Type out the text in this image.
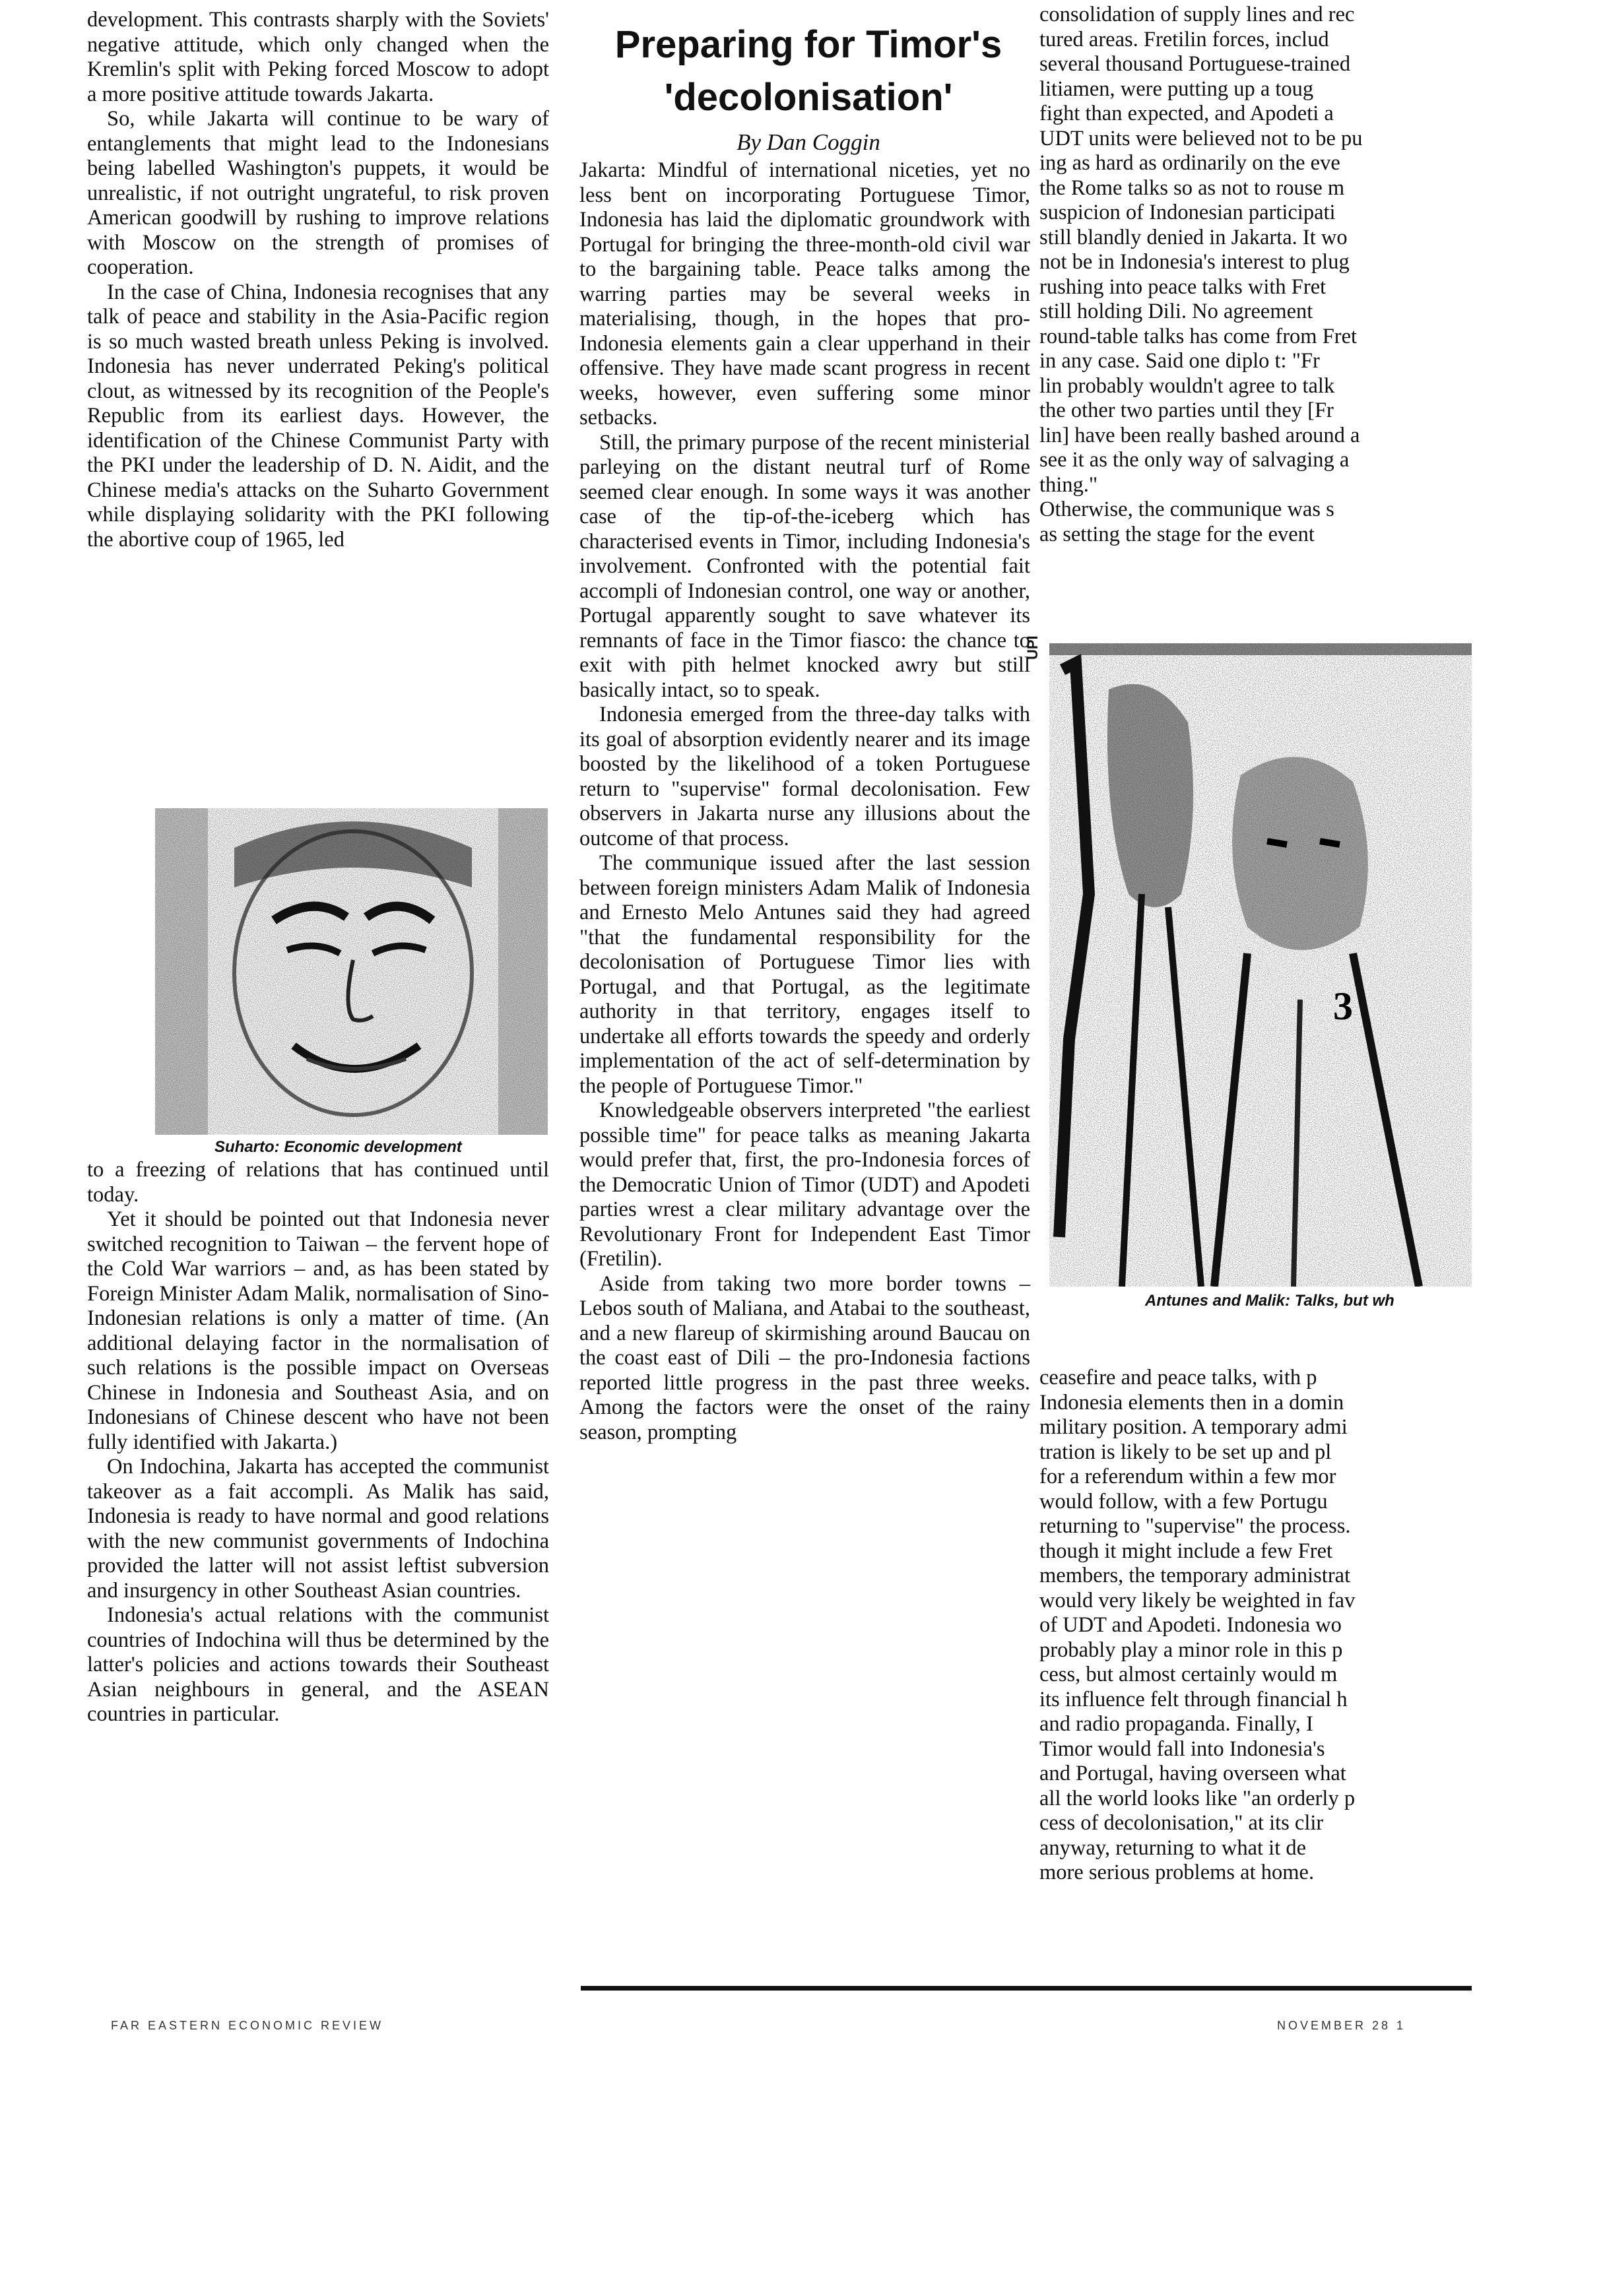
Preparing for Timor's
'decolonisation'
By Dan Coggin

development. This contrasts sharply with the Soviets' negative attitude, which only changed when the Kremlin's split with Peking forced Moscow to adopt a more positive attitude towards Jakarta.

So, while Jakarta will continue to be wary of entanglements that might lead to the Indonesians being labelled Washington's puppets, it would be unrealistic, if not outright ungrateful, to risk proven American goodwill by rushing to improve relations with Moscow on the strength of promises of cooperation.

In the case of China, Indonesia recognises that any talk of peace and stability in the Asia-Pacific region is so much wasted breath unless Peking is involved. Indonesia has never underrated Peking's political clout, as witnessed by its recognition of the People's Republic from its earliest days. However, the identification of the Chinese Communist Party with the PKI under the leadership of D. N. Aidit, and the Chinese media's attacks on the Suharto Government while displaying solidarity with the PKI following the abortive coup of 1965, led

Suharto: Economic development

to a freezing of relations that has continued until today.

Yet it should be pointed out that Indonesia never switched recognition to Taiwan – the fervent hope of the Cold War warriors – and, as has been stated by Foreign Minister Adam Malik, normalisation of Sino-Indonesian relations is only a matter of time. (An additional delaying factor in the normalisation of such relations is the possible impact on Overseas Chinese in Indonesia and Southeast Asia, and on Indonesians of Chinese descent who have not been fully identified with Jakarta.)

On Indochina, Jakarta has accepted the communist takeover as a fait accompli. As Malik has said, Indonesia is ready to have normal and good relations with the new communist governments of Indochina provided the latter will not assist leftist subversion and insurgency in other Southeast Asian countries.

Indonesia's actual relations with the communist countries of Indochina will thus be determined by the latter's policies and actions towards their Southeast Asian neighbours in general, and the ASEAN countries in particular.

Jakarta: Mindful of international niceties, yet no less bent on incorporating Portuguese Timor, Indonesia has laid the diplomatic groundwork with Portugal for bringing the three-month-old civil war to the bargaining table. Peace talks among the warring parties may be several weeks in materialising, though, in the hopes that pro-Indonesia elements gain a clear upperhand in their offensive. They have made scant progress in recent weeks, however, even suffering some minor setbacks.

Still, the primary purpose of the recent ministerial parleying on the distant neutral turf of Rome seemed clear enough. In some ways it was another case of the tip-of-the-iceberg which has characterised events in Timor, including Indonesia's involvement. Confronted with the potential fait accompli of Indonesian control, one way or another, Portugal apparently sought to save whatever its remnants of face in the Timor fiasco: the chance to exit with pith helmet knocked awry but still basically intact, so to speak.

Indonesia emerged from the three-day talks with its goal of absorption evidently nearer and its image boosted by the likelihood of a token Portuguese return to "supervise" formal decolonisation. Few observers in Jakarta nurse any illusions about the outcome of that process.

The communique issued after the last session between foreign ministers Adam Malik of Indonesia and Ernesto Melo Antunes said they had agreed "that the fundamental responsibility for the decolonisation of Portuguese Timor lies with Portugal, and that Portugal, as the legitimate authority in that territory, engages itself to undertake all efforts towards the speedy and orderly implementation of the act of self-determination by the people of Portuguese Timor."

Knowledgeable observers interpreted "the earliest possible time" for peace talks as meaning Jakarta would prefer that, first, the pro-Indonesia forces of the Democratic Union of Timor (UDT) and Apodeti parties wrest a clear military advantage over the Revolutionary Front for Independent East Timor (Fretilin).

Aside from taking two more border towns – Lebos south of Maliana, and Atabai to the southeast, and a new flareup of skirmishing around Baucau on the coast east of Dili – the pro-Indonesia factions reported little progress in the past three weeks. Among the factors were the onset of the rainy season, prompting

consolidation of supply lines and rec

tured areas. Fretilin forces, includ

several thousand Portuguese-trained

litiamen, were putting up a toug

fight than expected, and Apodeti a

UDT units were believed not to be pu

ing as hard as ordinarily on the eve

the Rome talks so as not to rouse m

suspicion of Indonesian participati

still blandly denied in Jakarta. It wo

not be in Indonesia's interest to plug

rushing into peace talks with Fret

still holding Dili. No agreement

round-table talks has come from Fret

in any case. Said one diplo t: "Fr

lin probably wouldn't agree to talk

the other two parties until they [Fr

lin] have been really bashed around a

see it as the only way of salvaging a

thing."

Otherwise, the communique was s

as setting the stage for the event

UPI
3
Antunes and Malik: Talks, but wh

ceasefire and peace talks, with p

Indonesia elements then in a domin

military position. A temporary admi

tration is likely to be set up and pl

for a referendum within a few mor

would follow, with a few Portugu

returning to "supervise" the process.

though it might include a few Fret

members, the temporary administrat

would very likely be weighted in fav

of UDT and Apodeti. Indonesia wo

probably play a minor role in this p

cess, but almost certainly would m

its influence felt through financial h

and radio propaganda. Finally, I

Timor would fall into Indonesia's

and Portugal, having overseen what

all the world looks like "an orderly p

cess of decolonisation," at its clir

anyway, returning to what it de

more serious problems at home.

FAR EASTERN ECONOMIC REVIEW	NOVEMBER 28 1
